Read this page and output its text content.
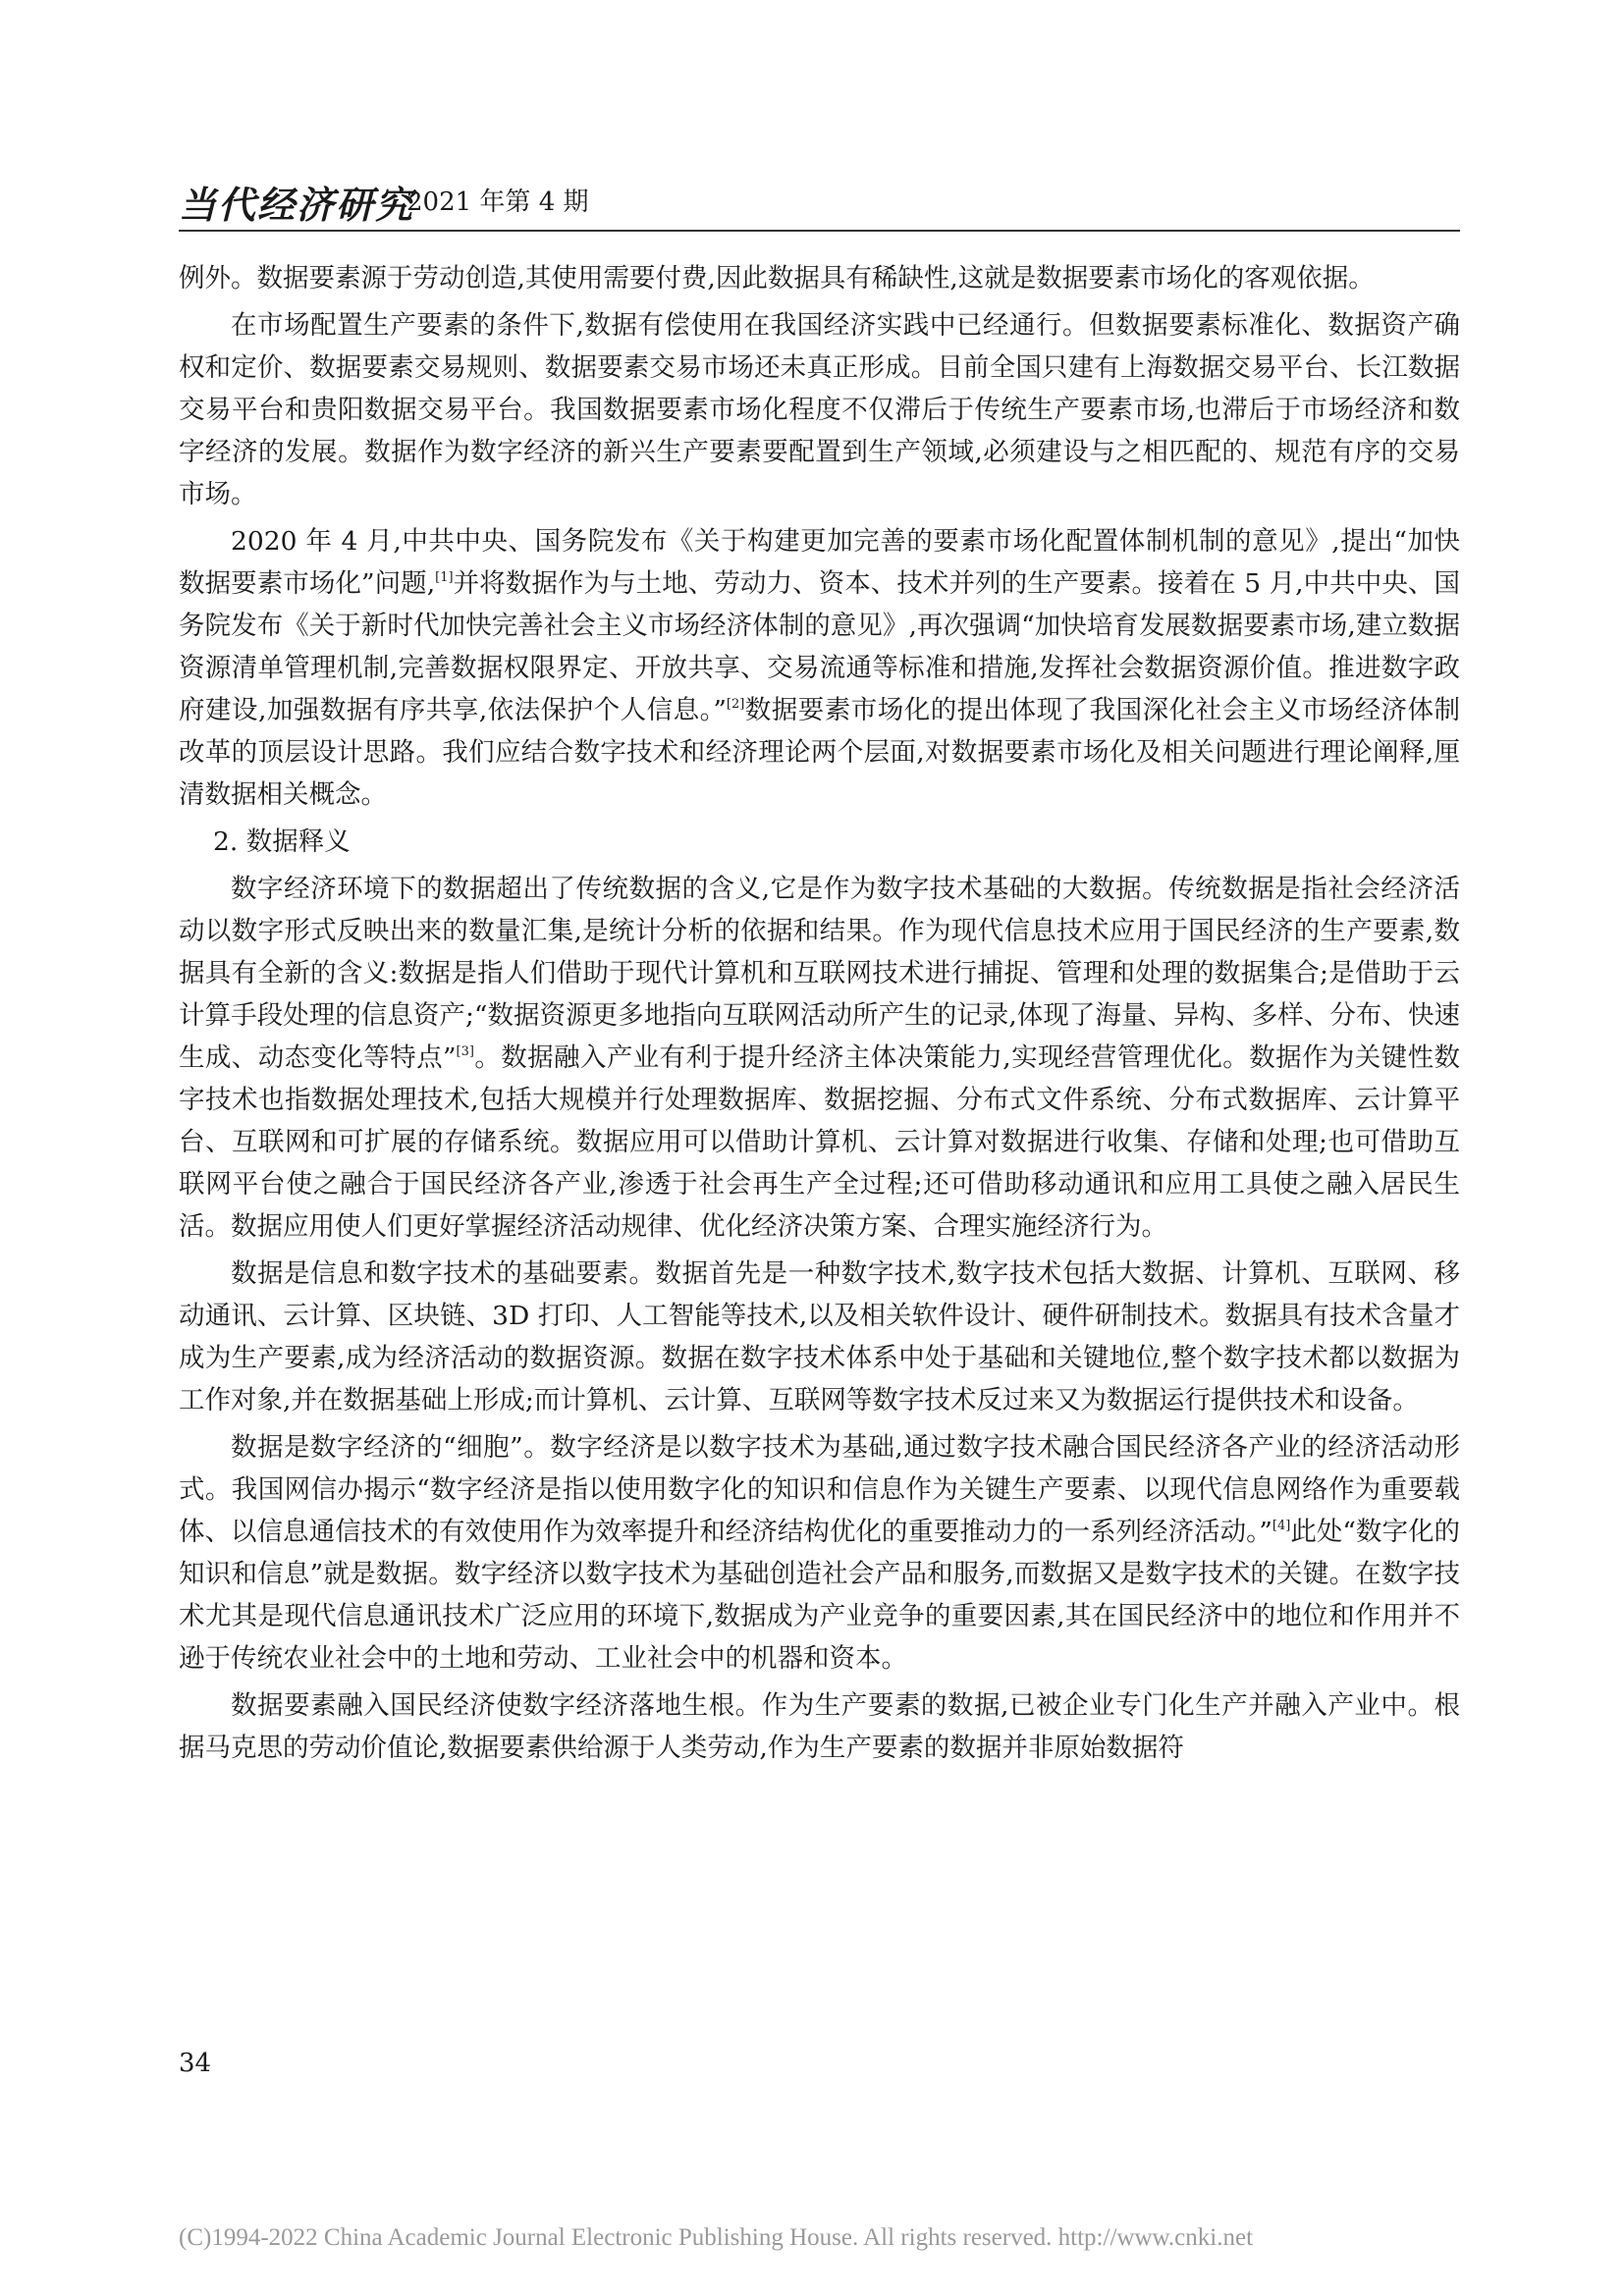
当代经济研究
2021 年第 4 期

例外。数据要素源于劳动创造,其使用需要付费,因此数据具有稀缺性,这就是数据要素市场化的客观依据。

在市场配置生产要素的条件下,数据有偿使用在我国经济实践中已经通行。但数据要素标准化、数据资产确权和定价、数据要素交易规则、数据要素交易市场还未真正形成。目前全国只建有上海数据交易平台、长江数据交易平台和贵阳数据交易平台。我国数据要素市场化程度不仅滞后于传统生产要素市场,也滞后于市场经济和数字经济的发展。数据作为数字经济的新兴生产要素要配置到生产领域,必须建设与之相匹配的、规范有序的交易市场。

2020 年 4 月,中共中央、国务院发布《关于构建更加完善的要素市场化配置体制机制的意见》,提出“加快数据要素市场化”问题,[1]并将数据作为与土地、劳动力、资本、技术并列的生产要素。接着在 5 月,中共中央、国务院发布《关于新时代加快完善社会主义市场经济体制的意见》,再次强调“加快培育发展数据要素市场,建立数据资源清单管理机制,完善数据权限界定、开放共享、交易流通等标准和措施,发挥社会数据资源价值。推进数字政府建设,加强数据有序共享,依法保护个人信息。”[2]数据要素市场化的提出体现了我国深化社会主义市场经济体制改革的顶层设计思路。我们应结合数字技术和经济理论两个层面,对数据要素市场化及相关问题进行理论阐释,厘清数据相关概念。

2. 数据释义

数字经济环境下的数据超出了传统数据的含义,它是作为数字技术基础的大数据。传统数据是指社会经济活动以数字形式反映出来的数量汇集,是统计分析的依据和结果。作为现代信息技术应用于国民经济的生产要素,数据具有全新的含义:数据是指人们借助于现代计算机和互联网技术进行捕捉、管理和处理的数据集合;是借助于云计算手段处理的信息资产;“数据资源更多地指向互联网活动所产生的记录,体现了海量、异构、多样、分布、快速生成、动态变化等特点”[3]。数据融入产业有利于提升经济主体决策能力,实现经营管理优化。数据作为关键性数字技术也指数据处理技术,包括大规模并行处理数据库、数据挖掘、分布式文件系统、分布式数据库、云计算平台、互联网和可扩展的存储系统。数据应用可以借助计算机、云计算对数据进行收集、存储和处理;也可借助互联网平台使之融合于国民经济各产业,渗透于社会再生产全过程;还可借助移动通讯和应用工具使之融入居民生活。数据应用使人们更好掌握经济活动规律、优化经济决策方案、合理实施经济行为。

数据是信息和数字技术的基础要素。数据首先是一种数字技术,数字技术包括大数据、计算机、互联网、移动通讯、云计算、区块链、3D 打印、人工智能等技术,以及相关软件设计、硬件研制技术。数据具有技术含量才成为生产要素,成为经济活动的数据资源。数据在数字技术体系中处于基础和关键地位,整个数字技术都以数据为工作对象,并在数据基础上形成;而计算机、云计算、互联网等数字技术反过来又为数据运行提供技术和设备。

数据是数字经济的“细胞”。数字经济是以数字技术为基础,通过数字技术融合国民经济各产业的经济活动形式。我国网信办揭示“数字经济是指以使用数字化的知识和信息作为关键生产要素、以现代信息网络作为重要载体、以信息通信技术的有效使用作为效率提升和经济结构优化的重要推动力的一系列经济活动。”[4]此处“数字化的知识和信息”就是数据。数字经济以数字技术为基础创造社会产品和服务,而数据又是数字技术的关键。在数字技术尤其是现代信息通讯技术广泛应用的环境下,数据成为产业竞争的重要因素,其在国民经济中的地位和作用并不逊于传统农业社会中的土地和劳动、工业社会中的机器和资本。

数据要素融入国民经济使数字经济落地生根。作为生产要素的数据,已被企业专门化生产并融入产业中。根据马克思的劳动价值论,数据要素供给源于人类劳动,作为生产要素的数据并非原始数据符

34
(C)1994-2022 China Academic Journal Electronic Publishing House. All rights reserved. http://www.cnki.net
